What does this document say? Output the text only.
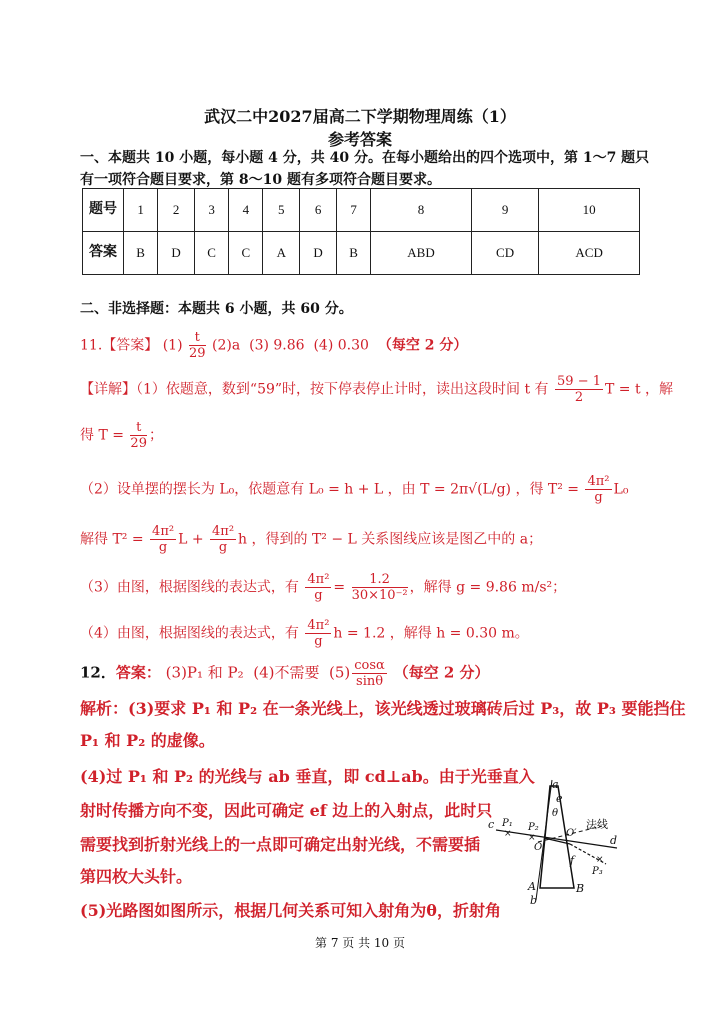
武汉二中2027届高二下学期物理周练（1）
参考答案
一、本题共 10 小题，每小题 4 分，共 40 分。在每小题给出的四个选项中，第 1～7 题只
有一项符合题目要求，第 8～10 题有多项符合题目要求。
题号	1	2	3	4	5	6	7	8	9	10
答案	B	D	C	C	A	D	B	ABD	CD	ACD
二、非选择题：本题共 6 小题，共 60 分。
11.【答案】 $(1) \frac{t}{29} (2)a$ (3) 9.86 (4) 0.30 （每空 2 分）
【详解】（1）依题意，数到“59”时，按下停表停止计时，读出这段时间 t 有 $\frac{59 - 1}{2}$ T = t ，解
得 $T = \frac{t}{29}$ ；
（2）设单摆的摆长为 L₀，依题意有 L₀ = h + L ，由 T = 2π√(L/g) ，得 $T^2 = \frac{\text{4π²}}{g} L_0$
解得 $T^2 = \frac{\text{4π²}}{g}$ $L + \frac{\text{4π²}}{g}$ h ，得到的 T² − L 关系图线应该是图乙中的 a；
（3）由图，根据图线的表达式，有 $\frac{\text{4π²}}{g} = \frac{1.2}{\text{30×10⁻²}}$ ，解得 g = 9.86 m/s²；
（4）由图，根据图线的表达式，有 $\frac{\text{4π²}}{g}$ h = 1.2 ，解得 h = 0.30 m。
12．答案： (3)P₁ 和 P₂ (4)不需要 $(5) \frac{\cos\alpha}{\sin\theta}$ （每空 2 分）
解析：(3)要求 P₁ 和 P₂ 在一条光线上，该光线透过玻璃砖后过 P₃，故 P₃ 要能挡住
P₁ 和 P₂ 的虚像。
(4)过 P₁ 和 P₂ 的光线与 ab 垂直，即 cd⊥ab。由于光垂直入
射时传播方向不变，因此可确定 ef 边上的入射点，此时只
需要找到折射光线上的一点即可确定出射光线，不需要插
第四枚大头针。
(5)光路图如图所示，根据几何关系可知入射角为θ，折射角
× ×
×
a
e
θ
c P₁ P₂
O′
法线
O
d
P₃
f
A	B
b
第 7 页 共 10 页
